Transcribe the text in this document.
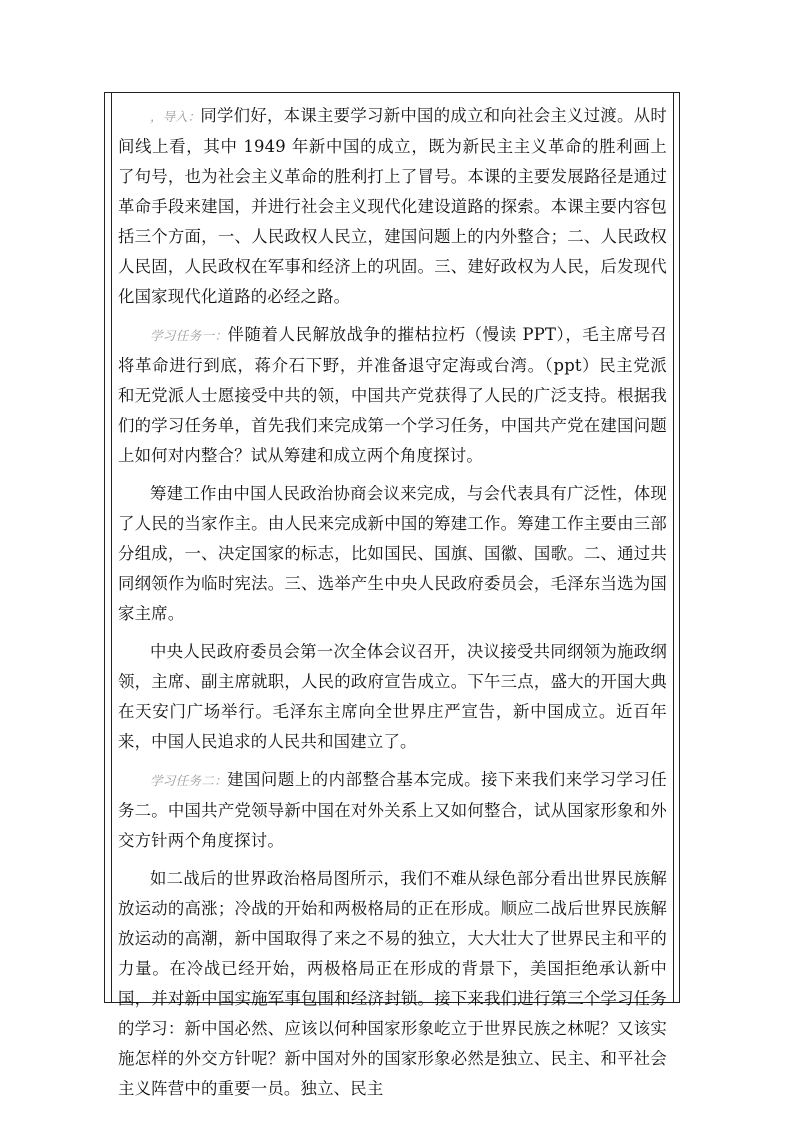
，导入：同学们好，本课主要学习新中国的成立和向社会主义过渡。从时间线上看，其中 1949 年新中国的成立，既为新民主主义革命的胜利画上了句号，也为社会主义革命的胜利打上了冒号。本课的主要发展路径是通过革命手段来建国，并进行社会主义现代化建设道路的探索。本课主要内容包括三个方面，一、人民政权人民立，建国问题上的内外整合；二、人民政权人民固，人民政权在军事和经济上的巩固。三、建好政权为人民，后发现代化国家现代化道路的必经之路。

学习任务一：伴随着人民解放战争的摧枯拉朽（慢读 PPT），毛主席号召将革命进行到底，蒋介石下野，并准备退守定海或台湾。（ppt）民主党派和无党派人士愿接受中共的领，中国共产党获得了人民的广泛支持。根据我们的学习任务单，首先我们来完成第一个学习任务，中国共产党在建国问题上如何对内整合？试从筹建和成立两个角度探讨。

筹建工作由中国人民政治协商会议来完成，与会代表具有广泛性，体现了人民的当家作主。由人民来完成新中国的筹建工作。筹建工作主要由三部分组成，一、决定国家的标志，比如国民、国旗、国徽、国歌。二、通过共同纲领作为临时宪法。三、选举产生中央人民政府委员会，毛泽东当选为国家主席。

中央人民政府委员会第一次全体会议召开，决议接受共同纲领为施政纲领，主席、副主席就职，人民的政府宣告成立。下午三点，盛大的开国大典在天安门广场举行。毛泽东主席向全世界庄严宣告，新中国成立。近百年来，中国人民追求的人民共和国建立了。

学习任务二：建国问题上的内部整合基本完成。接下来我们来学习学习任务二。中国共产党领导新中国在对外关系上又如何整合，试从国家形象和外交方针两个角度探讨。

如二战后的世界政治格局图所示，我们不难从绿色部分看出世界民族解放运动的高涨；冷战的开始和两极格局的正在形成。顺应二战后世界民族解放运动的高潮，新中国取得了来之不易的独立，大大壮大了世界民主和平的力量。在冷战已经开始，两极格局正在形成的背景下，美国拒绝承认新中国，并对新中国实施军事包围和经济封锁。接下来我们进行第三个学习任务的学习：新中国必然、应该以何种国家形象屹立于世界民族之林呢？又该实施怎样的外交方针呢？新中国对外的国家形象必然是独立、民主、和平社会主义阵营中的重要一员。独立、民主
